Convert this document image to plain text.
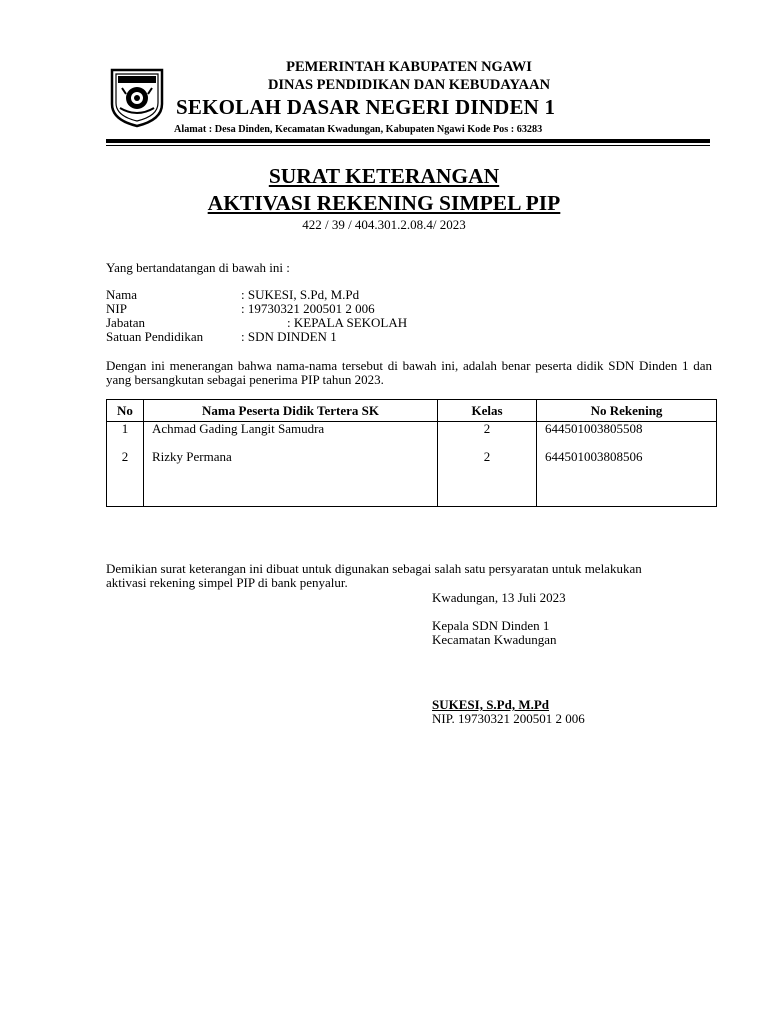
PEMERINTAH KABUPATEN NGAWI
DINAS PENDIDIKAN DAN KEBUDAYAAN
SEKOLAH DASAR NEGERI DINDEN 1
Alamat : Desa Dinden, Kecamatan Kwadungan, Kabupaten Ngawi Kode Pos : 63283
SURAT KETERANGAN
AKTIVASI REKENING SIMPEL PIP
422 / 39 / 404.301.2.08.4/ 2023
Yang bertandatangan di bawah ini :
Nama	: SUKESI, S.Pd, M.Pd
NIP	: 19730321 200501 2 006
Jabatan	: KEPALA SEKOLAH
Satuan Pendidikan	: SDN DINDEN 1
Dengan ini menerangan bahwa nama-nama tersebut di bawah ini, adalah benar peserta didik SDN Dinden 1 dan yang bersangkutan sebagai penerima PIP tahun 2023.
No	Nama Peserta Didik Tertera SK	Kelas	No Rekening
1	Achmad Gading Langit Samudra	2	644501003805508
2	Rizky Permana	2	644501003808506
Demikian surat keterangan ini dibuat untuk digunakan sebagai salah satu persyaratan untuk melakukan aktivasi rekening simpel PIP di bank penyalur.
Kwadungan, 13 Juli 2023
Kepala SDN Dinden 1
Kecamatan Kwadungan
SUKESI, S.Pd, M.Pd
NIP. 19730321 200501 2 006
